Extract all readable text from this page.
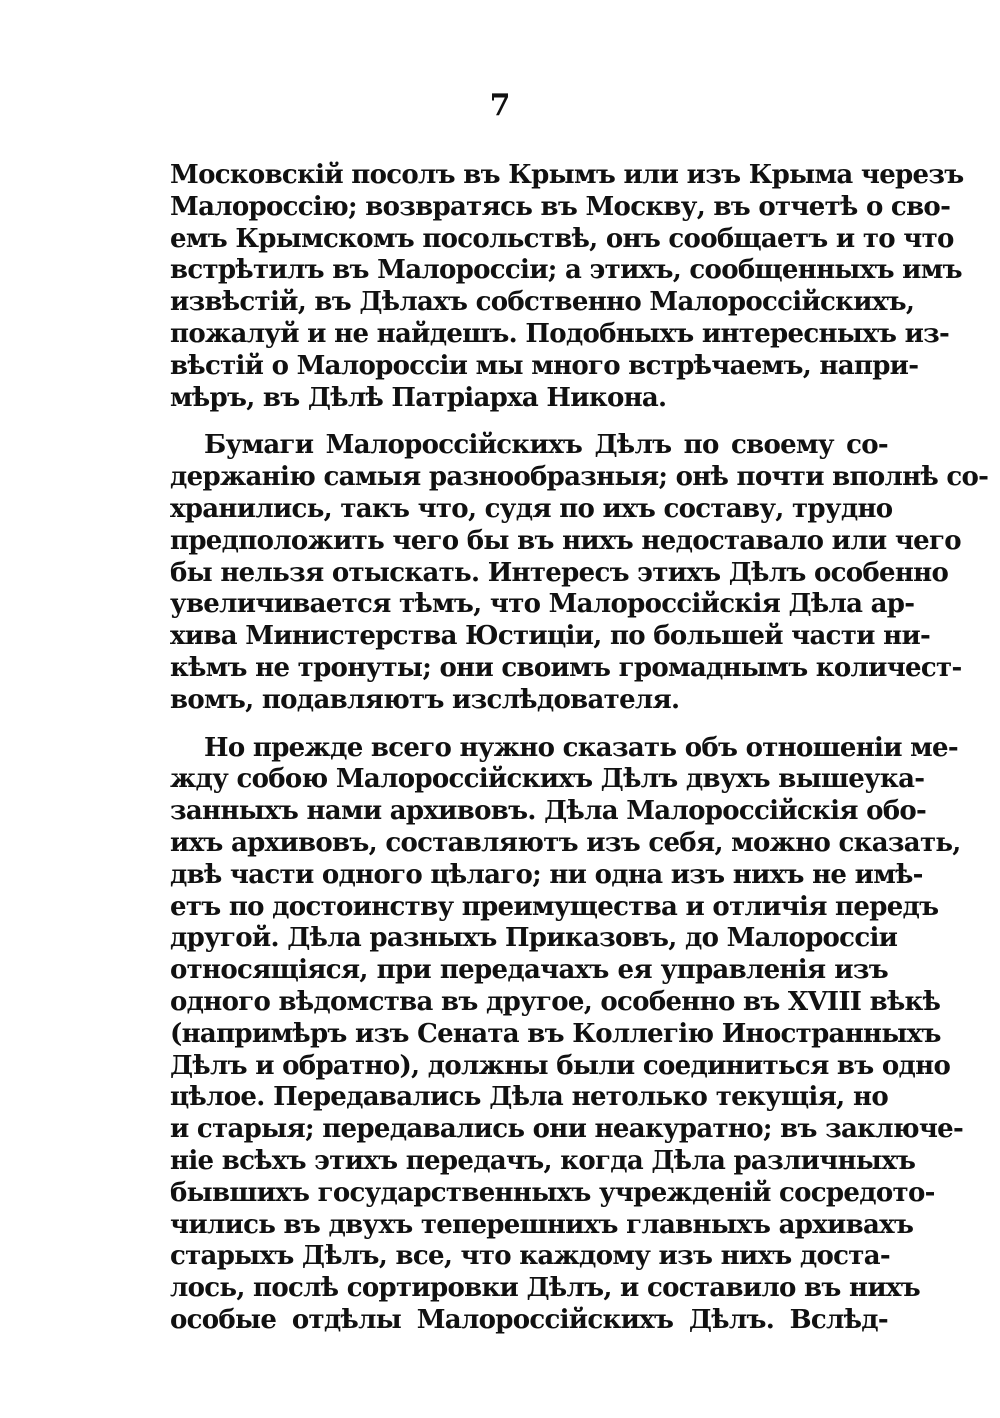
7

Московскій посолъ въ Крымъ или изъ Крыма черезъ
Малороссію; возвратясь въ Москву, въ отчетѣ о сво-
емъ Крымскомъ посольствѣ, онъ сообщаетъ и то что
встрѣтилъ въ Малороссіи; а этихъ, сообщенныхъ имъ
извѣстій, въ Дѣлахъ собственно Малороссійскихъ,
пожалуй и не найдешъ. Подобныхъ интересныхъ из-
вѣстій о Малороссіи мы много встрѣчаемъ, напри-
мѣръ, въ Дѣлѣ Патріарха Никона.

Бумаги Малороссійскихъ Дѣлъ по своему со-
держанію самыя разнообразныя; онѣ почти вполнѣ со-
хранились, такъ что, судя по ихъ составу, трудно
предположить чего бы въ нихъ недоставало или чего
бы нельзя отыскать. Интересъ этихъ Дѣлъ особенно
увеличивается тѣмъ, что Малороссійскія Дѣла ар-
хива Министерства Юстиціи, по большей части ни-
кѣмъ не тронуты; они своимъ громаднымъ количест-
вомъ, подавляютъ изслѣдователя.

Но прежде всего нужно сказать объ отношеніи ме-
жду собою Малороссійскихъ Дѣлъ двухъ вышеука-
занныхъ нами архивовъ. Дѣла Малороссійскія обо-
ихъ архивовъ, составляютъ изъ себя, можно сказать,
двѣ части одного цѣлаго; ни одна изъ нихъ не имѣ-
етъ по достоинству преимущества и отличія передъ
другой. Дѣла разныхъ Приказовъ, до Малороссіи
относящіяся, при передачахъ ея управленія изъ
одного вѣдомства въ другое, особенно въ XVIII вѣкѣ
(напримѣръ изъ Сената въ Коллегію Иностранныхъ
Дѣлъ и обратно), должны были соединиться въ одно
цѣлое. Передавались Дѣла нетолько текущія, но
и старыя; передавались они неакуратно; въ заключе-
ніе всѣхъ этихъ передачъ, когда Дѣла различныхъ
бывшихъ государственныхъ учрежденій сосредото-
чились въ двухъ теперешнихъ главныхъ архивахъ
старыхъ Дѣлъ, все, что каждому изъ нихъ доста-
лось, послѣ сортировки Дѣлъ, и составило въ нихъ
особые отдѣлы Малороссійскихъ Дѣлъ. Вслѣд-
